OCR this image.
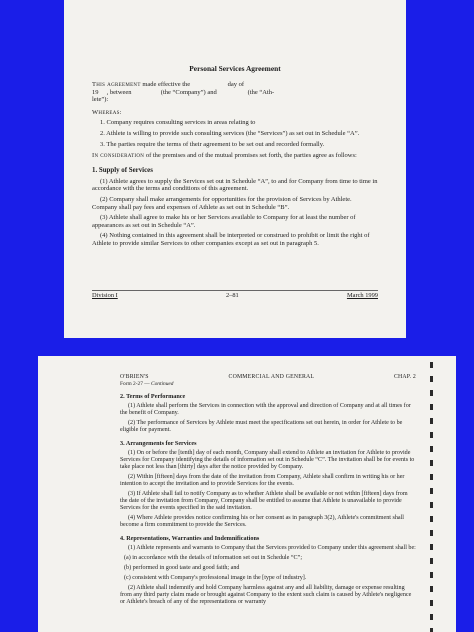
Personal Services Agreement

This agreement made effective the                       day of
19     , between                  (the “Company”) and                   (the “Ath-
lete”):

Whereas:

1. Company requires consulting services in areas relating to

2. Athlete is willing to provide such consulting services (the “Services”) as set out in Schedule “A”.

3. The parties require the terms of their agreement to be set out and recorded formally.

In consideration of the premises and of the mutual promises set forth, the parties agree as follows:

1. Supply of Services

(1) Athlete agrees to supply the Services set out in Schedule “A”, to and for Company from time to time in accordance with the terms and conditions of this agreement.

(2) Company shall make arrangements for opportunities for the provision of Services by Athlete. Company shall pay fees and expenses of Athlete as set out in Schedule “B”.

(3) Athlete shall agree to make his or her Services available to Company for at least the number of appearances as set out in Schedule “A”.

(4) Nothing contained in this agreement shall be interpreted or construed to prohibit or limit the right of Athlete to provide similar Services to other companies except as set out in paragraph 5.

Division I	2–81	March 1999
O'BRIEN'S	COMMERCIAL AND GENERAL	CHAP. 2
Form 2-27 — Continued
2. Terms of Performance

(1) Athlete shall perform the Services in connection with the approval and direction of Company and at all times for the benefit of Company.

(2) The performance of Services by Athlete must meet the specifications set out herein, in order for Athlete to be eligible for payment.

3. Arrangements for Services

(1) On or before the [tenth] day of each month, Company shall extend to Athlete an invitation for Athlete to provide Services for Company identifying the details of information set out in Schedule “C”. The invitation shall be for events to take place not less than [thirty] days after the notice provided by Company.

(2) Within [fifteen] days from the date of the invitation from Company, Athlete shall confirm in writing his or her intention to accept the invitation and to provide Services for the events.

(3) If Athlete shall fail to notify Company as to whether Athlete shall be available or not within [fifteen] days from the date of the invitation from Company, Company shall be entitled to assume that Athlete is unavailable to provide Services for the events specified in the said invitation.

(4) Where Athlete provides notice confirming his or her consent as in paragraph 3(2), Athlete's commitment shall become a firm commitment to provide the Services.

4. Representations, Warranties and Indemnifications

(1) Athlete represents and warrants to Company that the Services provided to Company under this agreement shall be:

(a) in accordance with the details of information set out in Schedule “C”;

(b) performed in good taste and good faith; and

(c) consistent with Company's professional image in the [type of industry].

(2) Athlete shall indemnify and hold Company harmless against any and all liability, damage or expense resulting from any third party claim made or brought against Company to the extent such claim is caused by Athlete's negligence or Athlete's breach of any of the representations or warranty
